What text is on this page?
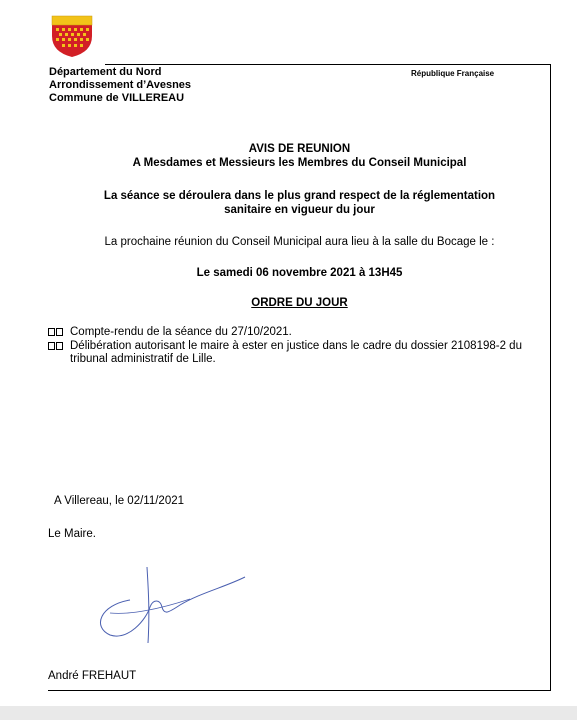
Département du Nord
Arrondissement d’Avesnes
Commune de VILLEREAU
République Française
AVIS DE REUNION
A Mesdames et Messieurs les Membres du Conseil Municipal
La séance se déroulera dans le plus grand respect de la réglementation
sanitaire en vigueur du jour
La prochaine réunion du Conseil Municipal aura lieu à la salle du Bocage le :
Le samedi 06 novembre 2021 à 13H45
ORDRE DU JOUR
Compte-rendu de la séance du 27/10/2021.
Délibération autorisant le maire à ester en justice dans le cadre du dossier 2108198-2 du tribunal administratif de Lille.
A Villereau, le 02/11/2021
Le Maire.
André FREHAUT
